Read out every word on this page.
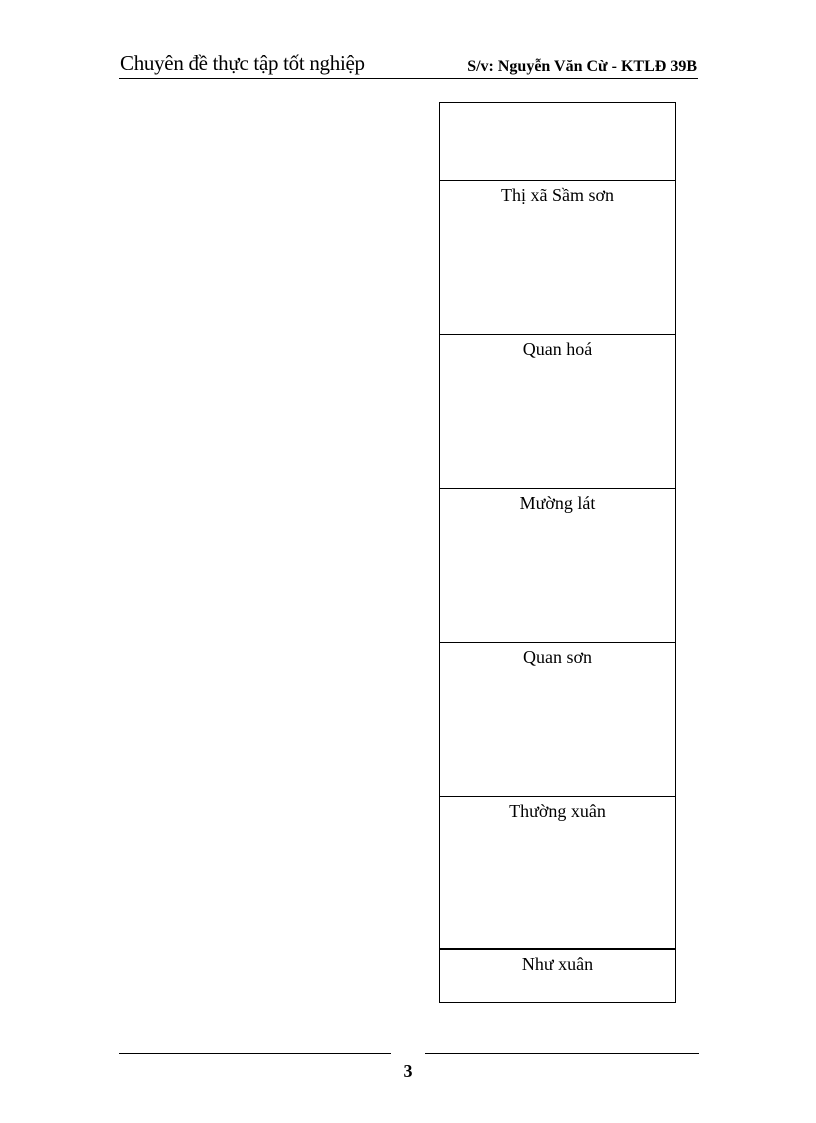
Chuyên đề thực tập tốt nghiệp	S/v: Nguyễn Văn Cừ - KTLĐ 39B
Thị xã Sầm sơn
Quan hoá
Mường lát
Quan sơn
Thường xuân
Như xuân
3
